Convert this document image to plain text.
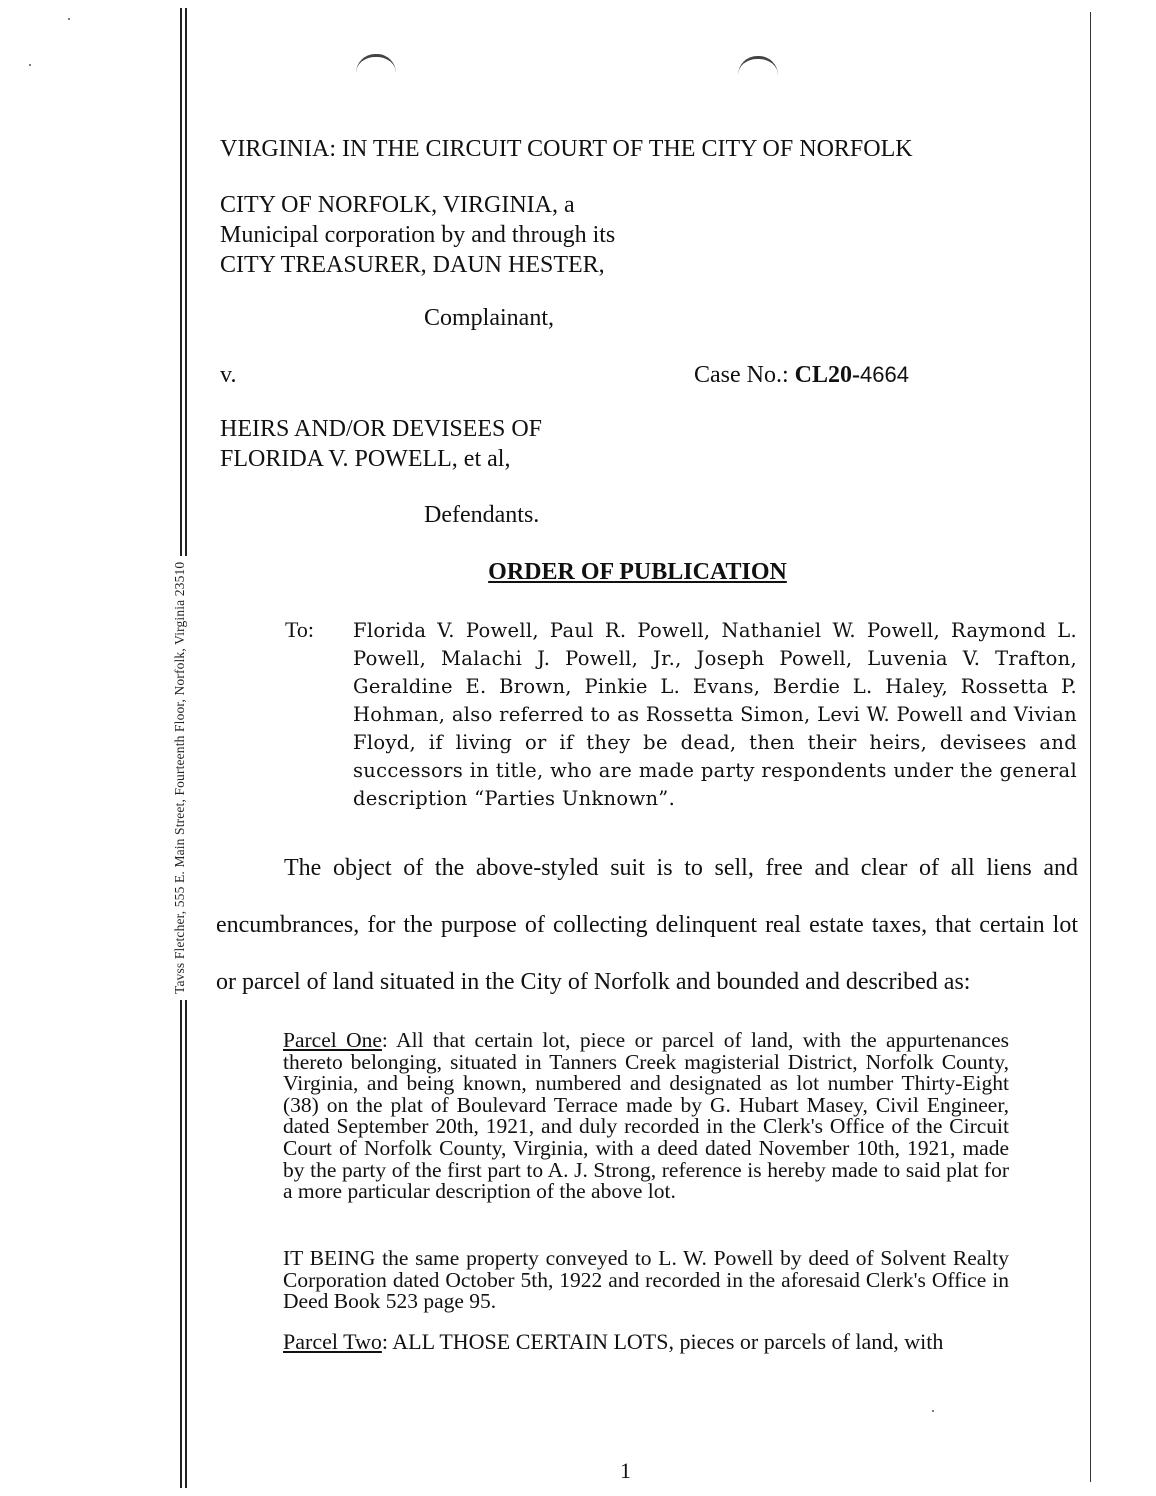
Tavss Fletcher, 555 E. Main Street, Fourteenth Floor, Norfolk, Virginia 23510
VIRGINIA: IN THE CIRCUIT COURT OF THE CITY OF NORFOLK
CITY OF NORFOLK, VIRGINIA, a
Municipal corporation by and through its
CITY TREASURER, DAUN HESTER,
Complainant,
v.	Case No.: CL20-4664
HEIRS AND/OR DEVISEES OF
FLORIDA V. POWELL, et al,
Defendants.
ORDER OF PUBLICATION
To: Florida V. Powell, Paul R. Powell, Nathaniel W. Powell, Raymond L. Powell, Malachi J. Powell, Jr., Joseph Powell, Luvenia V. Trafton, Geraldine E. Brown, Pinkie L. Evans, Berdie L. Haley, Rossetta P. Hohman, also referred to as Rossetta Simon, Levi W. Powell and Vivian Floyd, if living or if they be dead, then their heirs, devisees and successors in title, who are made party respondents under the general description “Parties Unknown”.

The object of the above-styled suit is to sell, free and clear of all liens and

encumbrances, for the purpose of collecting delinquent real estate taxes, that certain lot

or parcel of land situated in the City of Norfolk and bounded and described as:

Parcel One: All that certain lot, piece or parcel of land, with the appurtenances thereto belonging, situated in Tanners Creek magisterial District, Norfolk County, Virginia, and being known, numbered and designated as lot number Thirty-Eight (38) on the plat of Boulevard Terrace made by G. Hubart Masey, Civil Engineer, dated September 20th, 1921, and duly recorded in the Clerk's Office of the Circuit Court of Norfolk County, Virginia, with a deed dated November 10th, 1921, made by the party of the first part to A. J. Strong, reference is hereby made to said plat for a more particular description of the above lot.
IT BEING the same property conveyed to L. W. Powell by deed of Solvent Realty Corporation dated October 5th, 1922 and recorded in the aforesaid Clerk's Office in Deed Book 523 page 95.
Parcel Two: ALL THOSE CERTAIN LOTS, pieces or parcels of land, with
1
